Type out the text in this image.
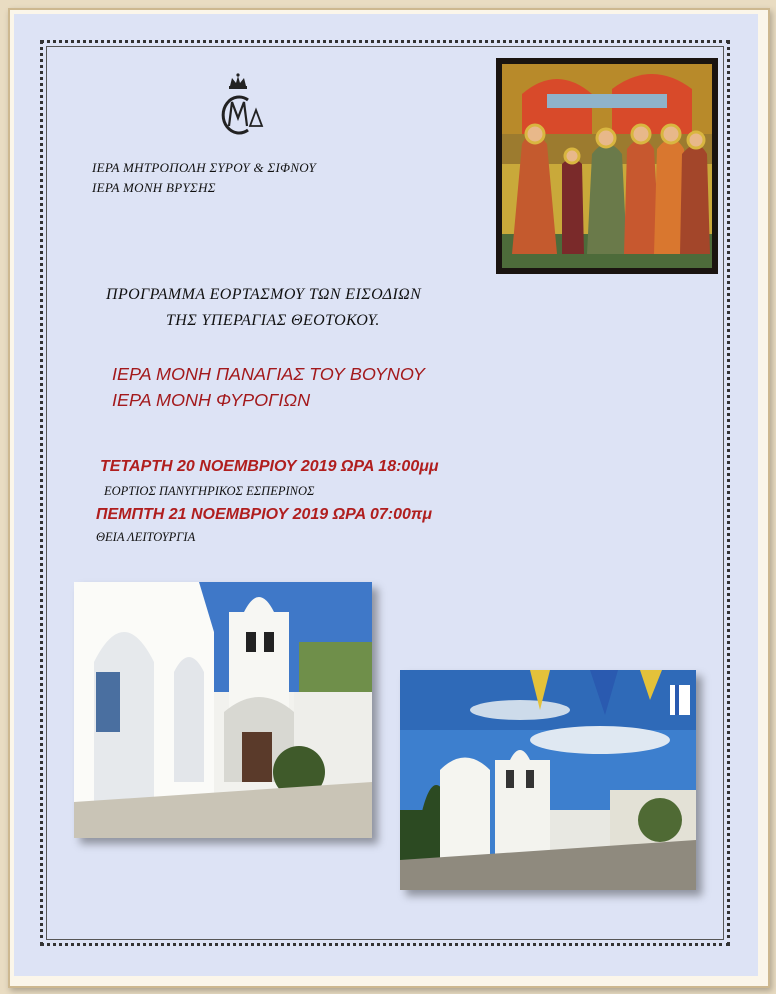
ΙΕΡΑ ΜΗΤΡΟΠΟΛΗ ΣΥΡΟΥ & ΣΙΦΝΟΥ
ΙΕΡΑ ΜΟΝΗ ΒΡΥΣΗΣ
ΠΡΟΓΡΑΜΜΑ ΕΟΡΤΑΣΜΟΥ ΤΩΝ ΕΙΣΟΔΙΩΝ
ΤΗΣ ΥΠΕΡΑΓΙΑΣ ΘΕΟΤΟΚΟΥ.
ΙΕΡΑ ΜΟΝΗ ΠΑΝΑΓΙΑΣ ΤΟΥ ΒΟΥΝΟΥ
ΙΕΡΑ ΜΟΝΗ ΦΥΡΟΓΙΩΝ
ΤΕΤΑΡΤΗ 20 ΝΟΕΜΒΡΙΟΥ 2019 ΩΡΑ 18:00μμ
ΕΟΡΤΙΟΣ ΠΑΝΥΓΗΡΙΚΟΣ ΕΣΠΕΡΙΝΟΣ
ΠΕΜΠΤΗ 21 ΝΟΕΜΒΡΙΟΥ 2019 ΩΡΑ 07:00πμ
ΘΕΙΑ ΛΕΙΤΟΥΡΓΙΑ
